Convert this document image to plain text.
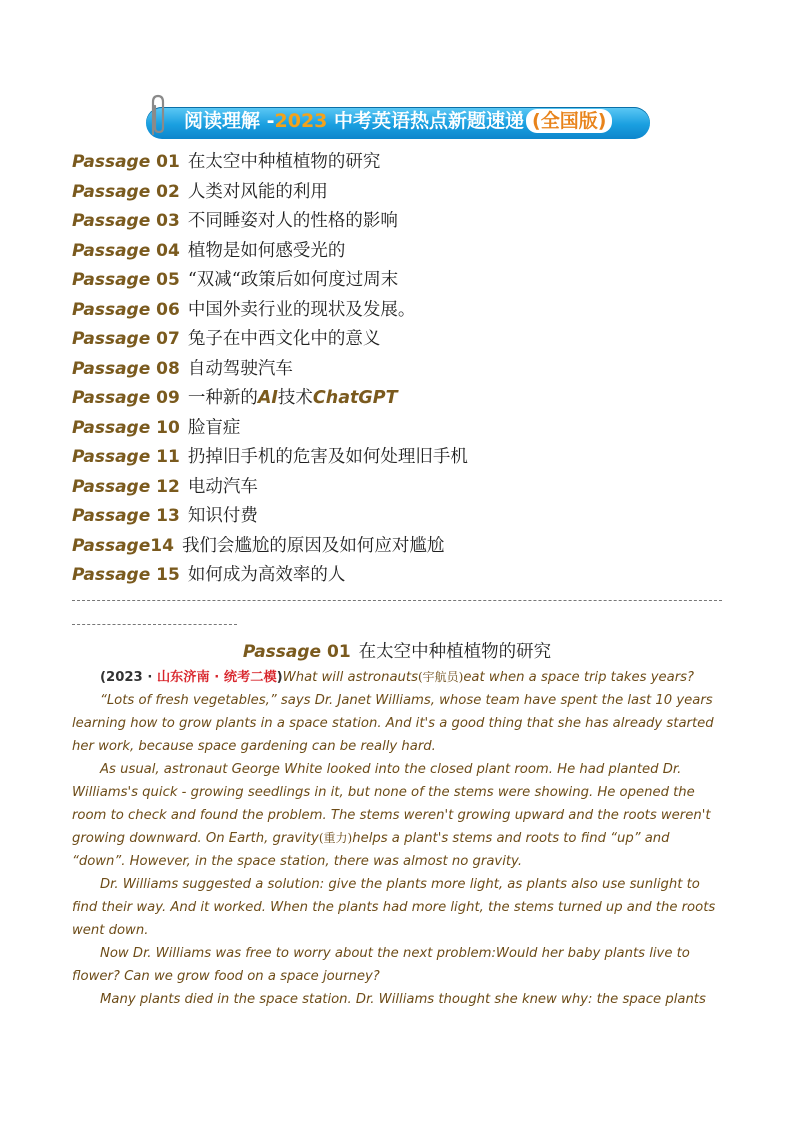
阅读理解 -2023 中考英语热点新题速递 (全国版)
Passage 01 在太空中种植植物的研究
Passage 02 人类对风能的利用
Passage 03 不同睡姿对人的性格的影响
Passage 04 植物是如何感受光的
Passage 05 “双减“政策后如何度过周末
Passage 06 中国外卖行业的现状及发展。
Passage 07 兔子在中西文化中的意义
Passage 08 自动驾驶汽车
Passage 09 一种新的AI技术ChatGPT
Passage 10 脸盲症
Passage 11 扔掉旧手机的危害及如何处理旧手机
Passage 12 电动汽车
Passage 13 知识付费
Passage14 我们会尴尬的原因及如何应对尴尬
Passage 15 如何成为高效率的人
Passage 01 在太空中种植植物的研究

(2023 · 山东济南 · 统考二模)What will astronauts(宇航员)eat when a space trip takes years?

“Lots of fresh vegetables,” says Dr. Janet Williams, whose team have spent the last 10 years learning how to grow plants in a space station. And it's a good thing that she has already started her work, because space gardening can be really hard.

As usual, astronaut George White looked into the closed plant room. He had planted Dr. Williams's quick - growing seedlings in it, but none of the stems were showing. He opened the room to check and found the problem. The stems weren't growing upward and the roots weren't growing downward. On Earth, gravity(重力)helps a plant's stems and roots to find “up” and “down”. However, in the space station, there was almost no gravity.

Dr. Williams suggested a solution: give the plants more light, as plants also use sunlight to find their way. And it worked. When the plants had more light, the stems turned up and the roots went down.

Now Dr. Williams was free to worry about the next problem:Would her baby plants live to flower? Can we grow food on a space journey?

Many plants died in the space station. Dr. Williams thought she knew why: the space plants
